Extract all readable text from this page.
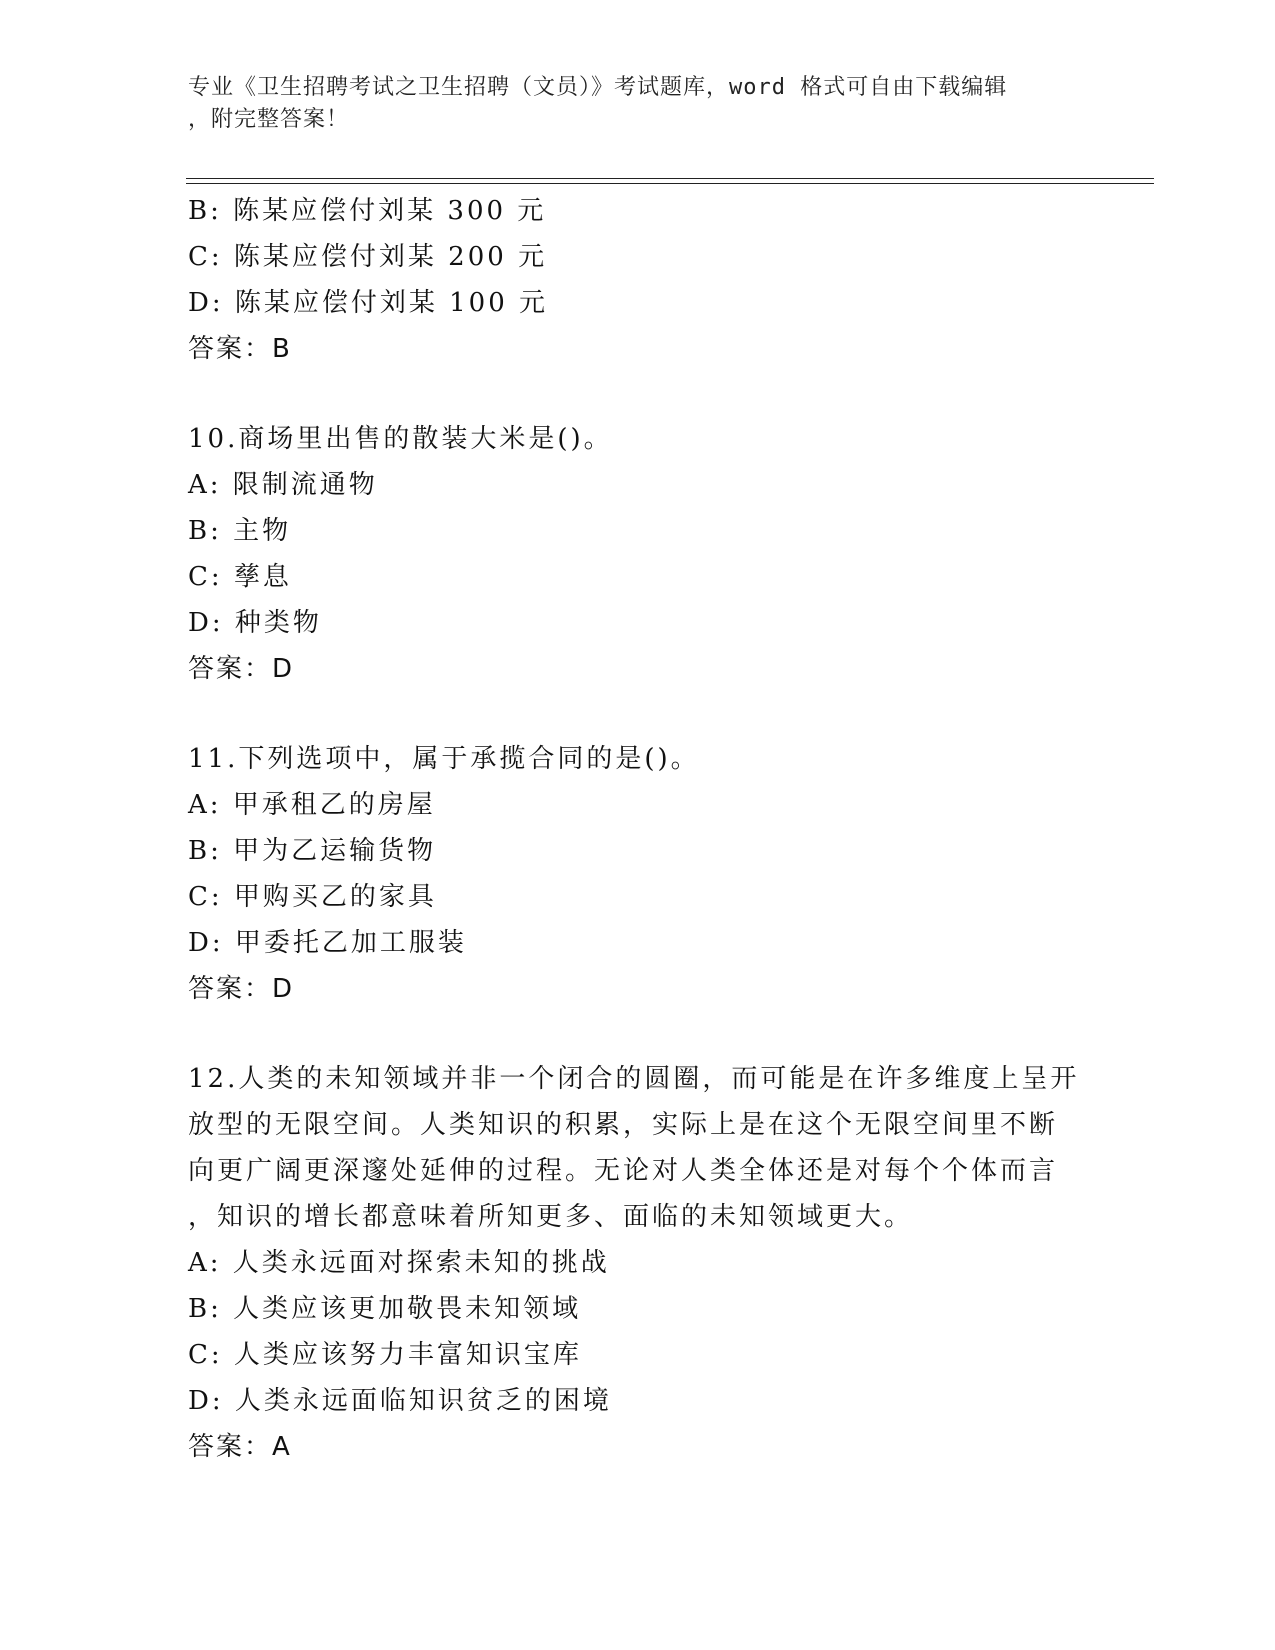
专业《卫生招聘考试之卫生招聘（文员）》考试题库，word 格式可自由下载编辑
，附完整答案！
B: 陈某应偿付刘某 300 元
C: 陈某应偿付刘某 200 元
D: 陈某应偿付刘某 100 元
答案：B
10.商场里出售的散装大米是()。
A: 限制流通物
B: 主物
C: 孳息
D: 种类物
答案：D
11.下列选项中，属于承揽合同的是()。
A: 甲承租乙的房屋
B: 甲为乙运输货物
C: 甲购买乙的家具
D: 甲委托乙加工服装
答案：D
12.人类的未知领域并非一个闭合的圆圈，而可能是在许多维度上呈开
放型的无限空间。人类知识的积累，实际上是在这个无限空间里不断
向更广阔更深邃处延伸的过程。无论对人类全体还是对每个个体而言
，知识的增长都意味着所知更多、面临的未知领域更大。
A: 人类永远面对探索未知的挑战
B: 人类应该更加敬畏未知领域
C: 人类应该努力丰富知识宝库
D: 人类永远面临知识贫乏的困境
答案：A
